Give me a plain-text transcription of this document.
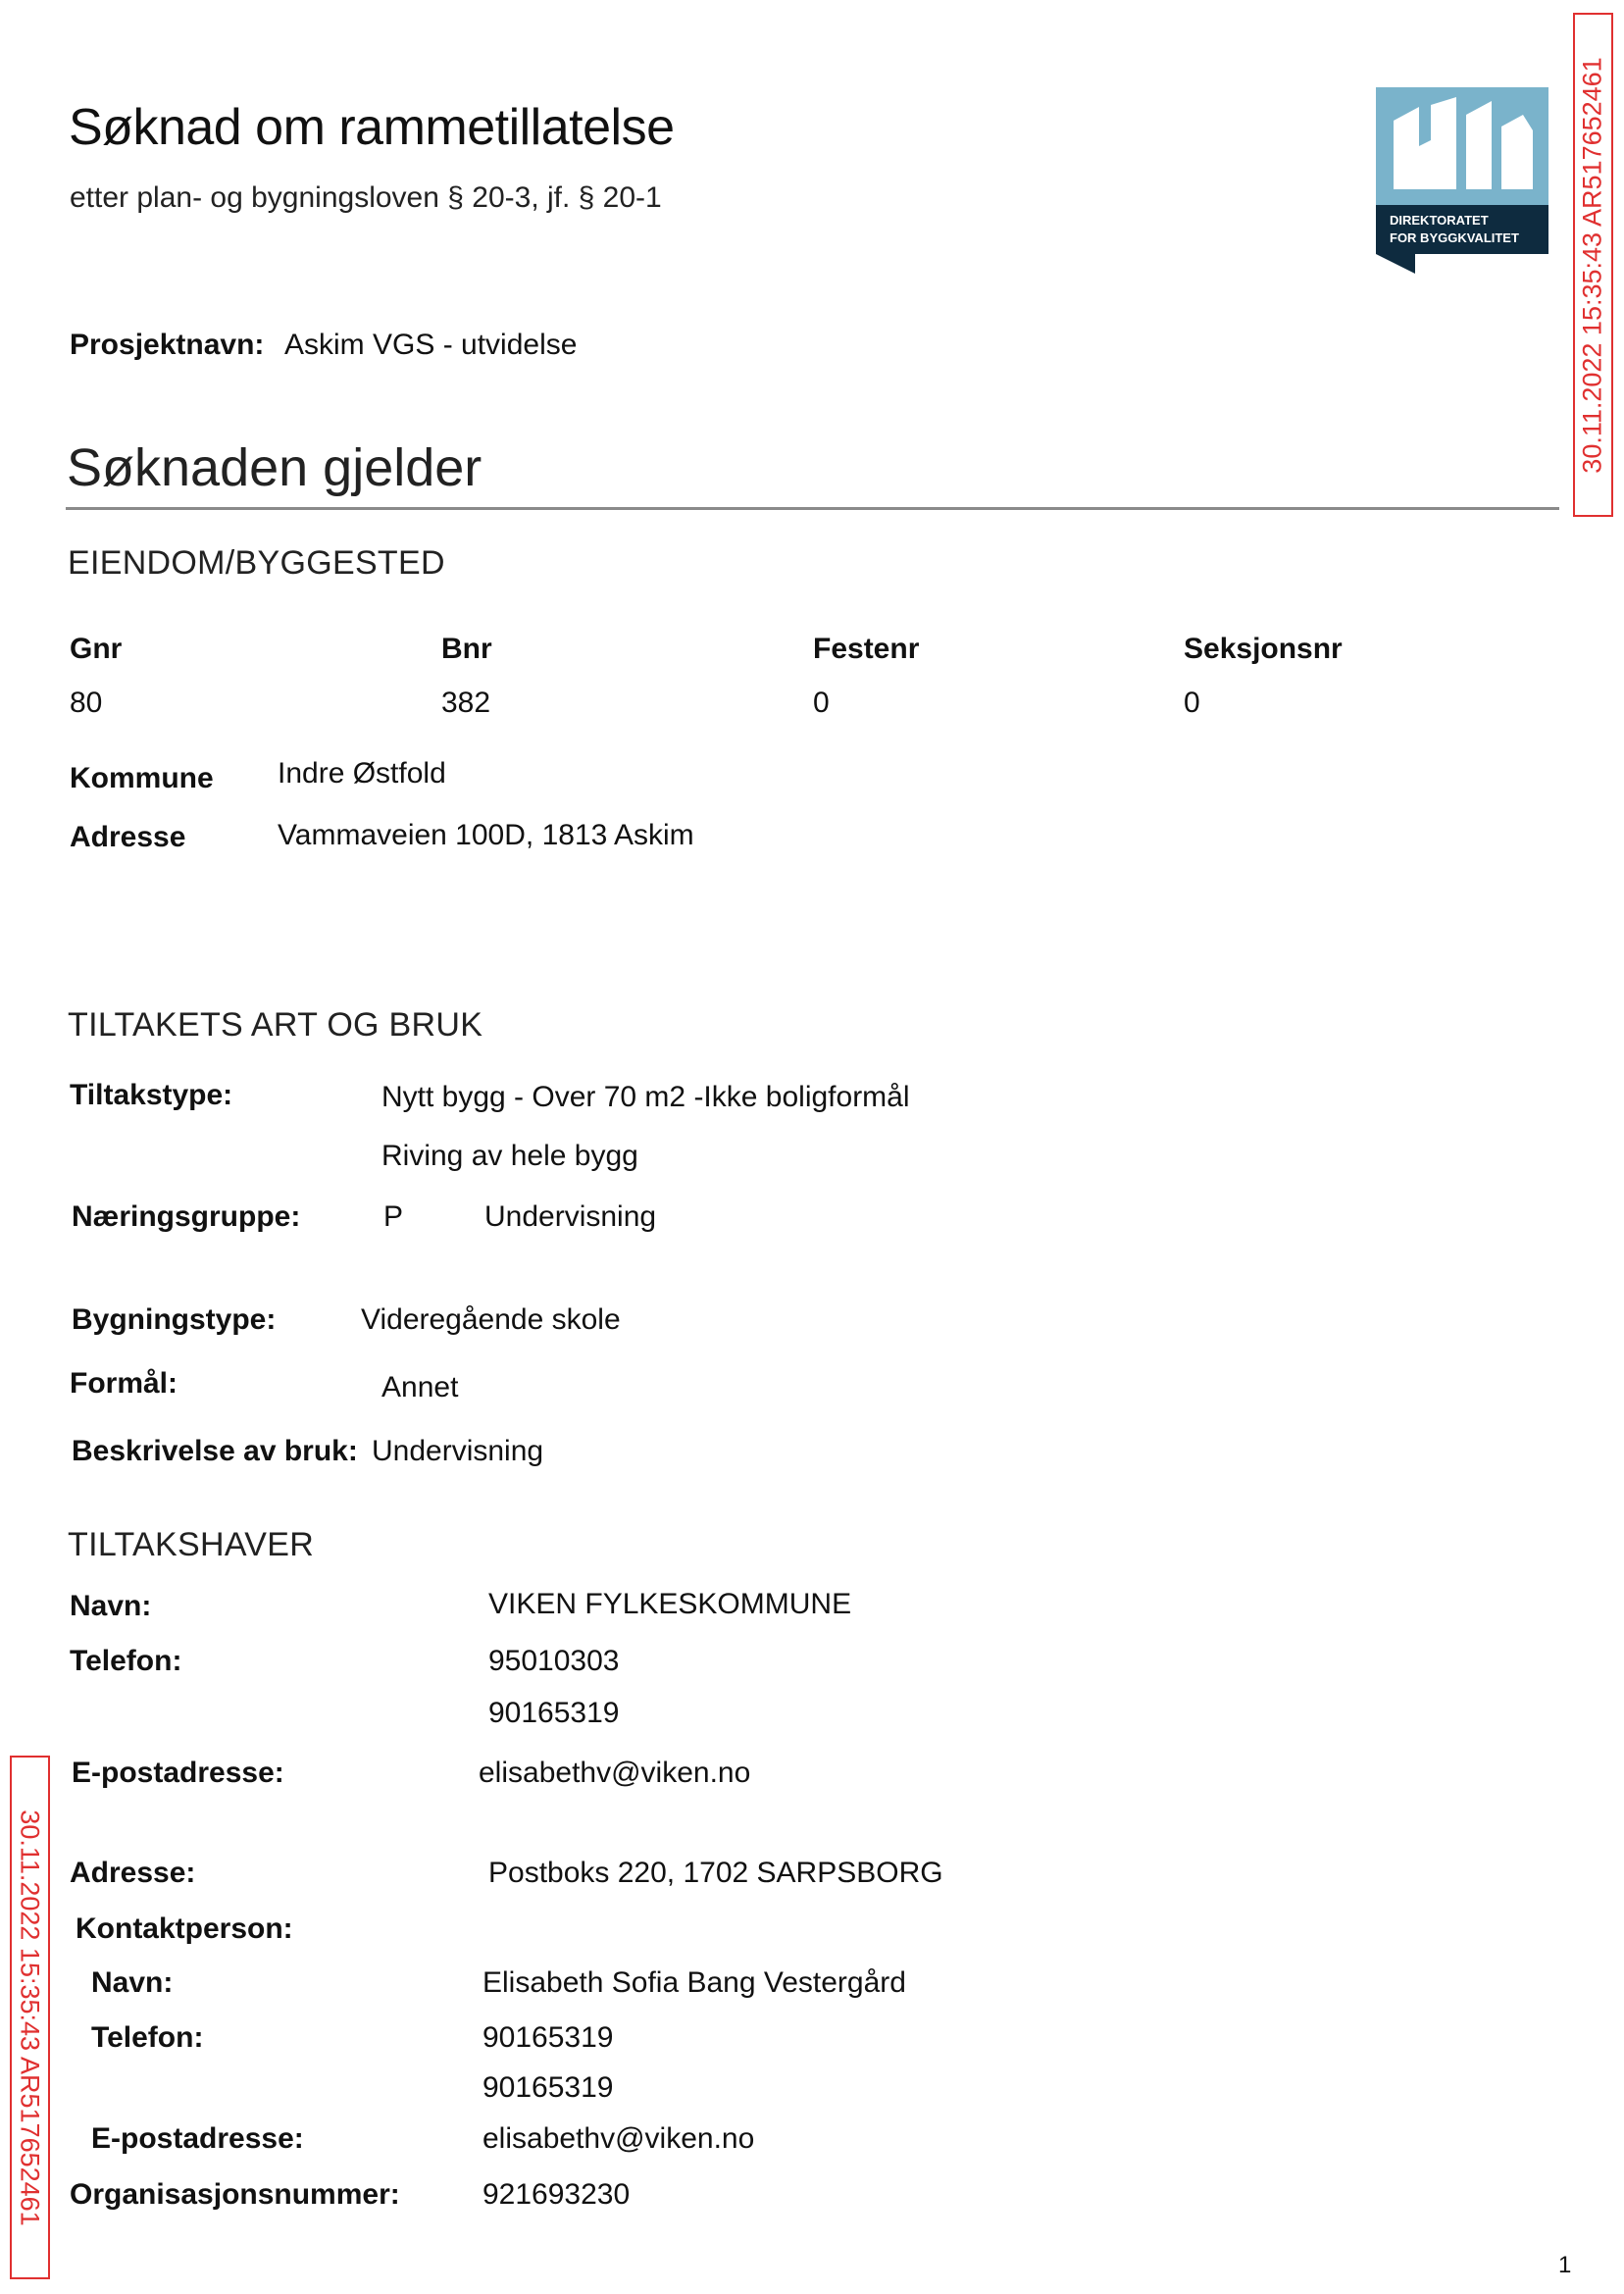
Søknad om rammetillatelse
etter plan- og bygningsloven § 20-3, jf. § 20-1
DIREKTORATET
FOR BYGGKVALITET 30.11.2022 15:35:43 AR517652461
30.11.2022 15:35:43 AR517652461
Prosjektnavn: Askim VGS - utvidelse
Søknaden gjelder
EIENDOM/BYGGESTED
Gnr	Bnr	Festenr	Seksjonsnr
80	382	0	0
Kommune Indre Østfold
Adresse	Vammaveien 100D, 1813 Askim
TILTAKETS ART OG BRUK
Tiltakstype:	Nytt bygg - Over 70 m2 -Ikke boligformål
Riving av hele bygg
Næringsgruppe:	P	Undervisning
Bygningstype:	Videregående skole
Formål:	Annet
Beskrivelse av bruk: Undervisning
TILTAKSHAVER
Navn:	VIKEN FYLKESKOMMUNE
Telefon:	95010303
90165319
E-postadresse:	elisabethv@viken.no
Adresse:	Postboks 220, 1702 SARPSBORG
Kontaktperson:
Navn:	Elisabeth Sofia Bang Vestergård
Telefon:	90165319
90165319
E-postadresse:	elisabethv@viken.no
Organisasjonsnummer:	921693230
1
